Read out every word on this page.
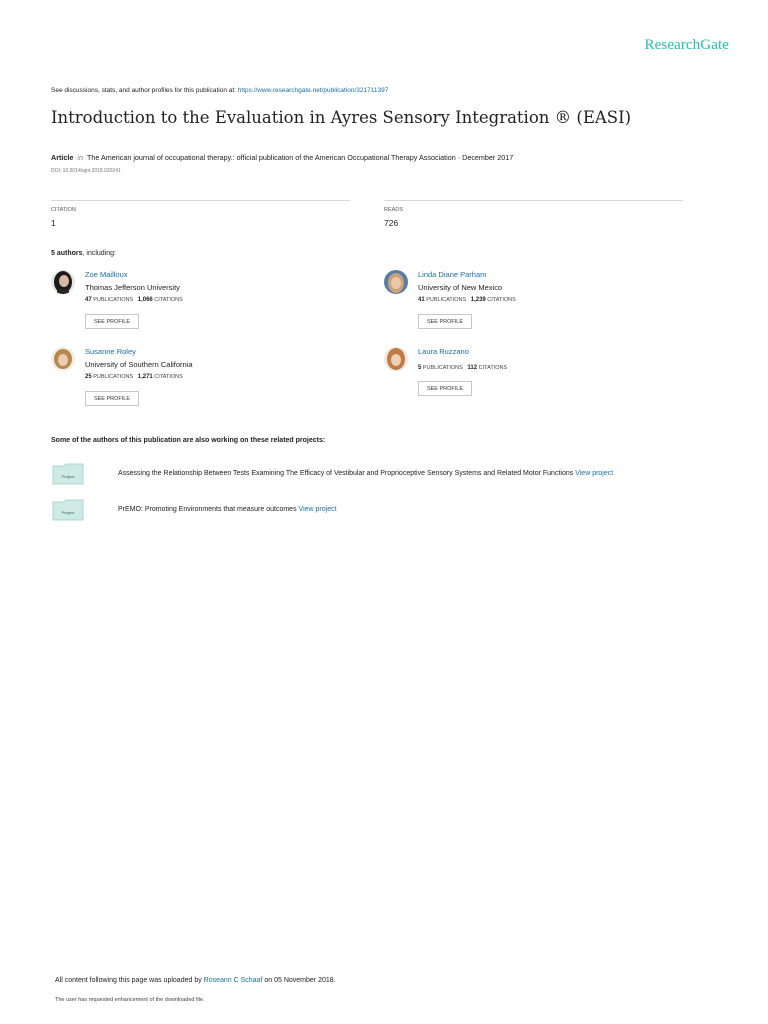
ResearchGate
See discussions, stats, and author profiles for this publication at: https://www.researchgate.net/publication/321711397
Introduction to the Evaluation in Ayres Sensory Integration ® (EASI)
Article in The American journal of occupational therapy.: official publication of the American Occupational Therapy Association · December 2017
DOI: 10.5014/ajot.2018.020241
CITATION
1
READS
726
5 authors, including:
Zoe Mailloux
Thomas Jefferson University
47 PUBLICATIONS 1,066 CITATIONS
SEE PROFILE
Linda Diane Parham
University of New Mexico
41 PUBLICATIONS 1,239 CITATIONS
SEE PROFILE
Susanne Roley
University of Southern California
25 PUBLICATIONS 1,271 CITATIONS
SEE PROFILE
Laura Ruzzano
5 PUBLICATIONS 112 CITATIONS
SEE PROFILE
Some of the authors of this publication are also working on these related projects:
Project	Assessing the Relationship Between Tests Examining The Efficacy of Vestibular and Proprioceptive Sensory Systems and Related Motor Functions View project
Project	PrEMO: Promoting Environments that measure outcomes View project
All content following this page was uploaded by Roseann C Schaaf on 05 November 2018.
The user has requested enhancement of the downloaded file.
